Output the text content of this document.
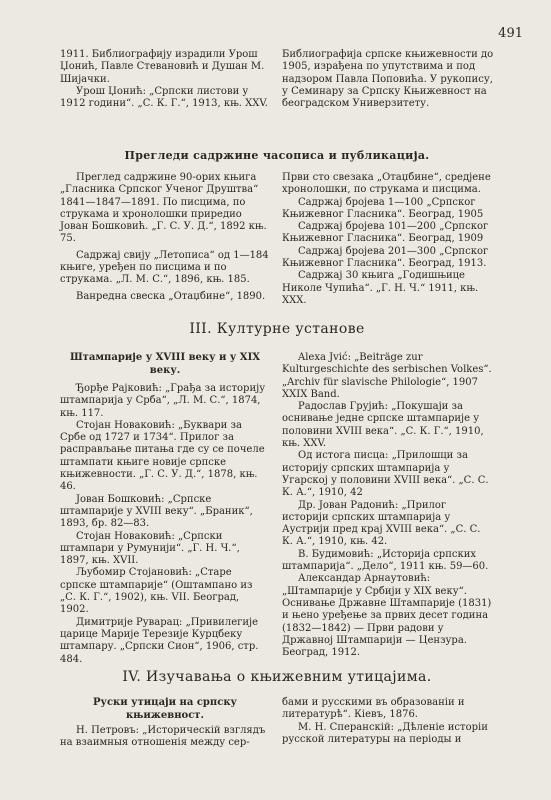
491

1911. Библиографију израдили Урош Џонић, Павле Стевановић и Душан М. Шијачки.

Урош Џонић: „Српски листови у 1912 години“. „С. К. Г.“, 1913, књ. XXV.

Библиографија српске књижевности до 1905, израђена по упутствима и под надзором Павла Поповића. У рукопису, у Семинару за Српску Књижевност на београдском Универзитету.

Прегледи садржине часописа и публикација.

Преглед садржине 90-орих књига „Гласника Српског Ученог Друштва“ 1841—1847—1891. По писцима, по струкама и хронолошки приредио Јован Бошковић. „Г. С. У. Д.“, 1892 књ. 75.

Садржај свију „Летописа“ од 1—184 књиге, уређен по писцима и по струкама. „Л. М. С.“, 1896, књ. 185.

Ванредна свеска „Отаџбине“, 1890.

Први сто свезака „Отаџбине“, средјене хронолошки, по струкама и писцима.

Садржај бројева 1—100 „Српског Књижевног Гласника“. Београд, 1905

Садржај бројева 101—200 „Српског Књижевног Гласника“. Београд, 1909

Садржај бројева 201—300 „Српског Књижевног Гласника“. Београд, 1913.

Садржај 30 књига „Годишњице Николе Чупића“. „Г. Н. Ч.“ 1911, књ. XXX.

III. Културне установе
Штампарије у XVIII веку и у XIX веку.

Ђорђе Рајковић: „Грађа за историју штампарија у Срба“, „Л. М. С.“, 1874, књ. 117.

Стојан Новаковић: „Буквари за Србе од 1727 и 1734“. Прилог за расправљање питања где су се почеле штампати књиге новије српске књижевности. „Г. С. У. Д.“, 1878, књ. 46.

Јован Бошковић: „Српске штампарије у XVIII веку“. „Браник“, 1893, бр. 82—83.

Стојан Новаковић: „Српски штампари у Румунији“. „Г. Н. Ч.“, 1897, књ. XVII.

Љубомир Стојановић: „Старе српске штампарије“ (Оштампано из „С. К. Г.“, 1902), књ. VII. Београд, 1902.

Димитрије Руварац: „Привилегије царице Марије Терезије Курцбеку штампару. „Српски Сион“, 1906, стр. 484.

Alexa Jvić: „Beiträge zur Kulturgeschichte des serbischen Volkes“. „Archiv für slavische Philologie“, 1907 XXIX Band.

Радослав Грујић: „Покушаји за оснивање једне српске штампарије у половини XVIII века“. „С. К. Г.“, 1910, књ. XXV.

Од истога писца: „Прилошци за историју српских штампарија у Угарској у половини XVIII века“. „С. С. К. А.“, 1910, 42

Др. Јован Радонић: „Прилог историји српских штампарија у Аустрији пред крај XVIII века“. „С. С. К. А.“, 1910, књ. 42.

В. Будимовић: „Историја српских штампарија“. „Дело“, 1911 књ. 59—60.

Александар Арнаутовић: „Штампарије у Србији у XIX веку“. Оснивање Државне Штампарије (1831) и њено уређење за првих десет година (1832—1842) — Први радови у Државној Штампарији — Цензура. Београд, 1912.

IV. Изучавања о књижевним утицајима.
Руски утицаји на српску књижевност.

Н. Петровъ: „Историческiй взглядъ на взаимныя отношенiя между сер-

бами и русскими въ образованiи и литературѣ“. Кiевъ, 1876.

М. Н. Сперанскiй: „Дѣленiе исторiи русской литературы на перiоды и
